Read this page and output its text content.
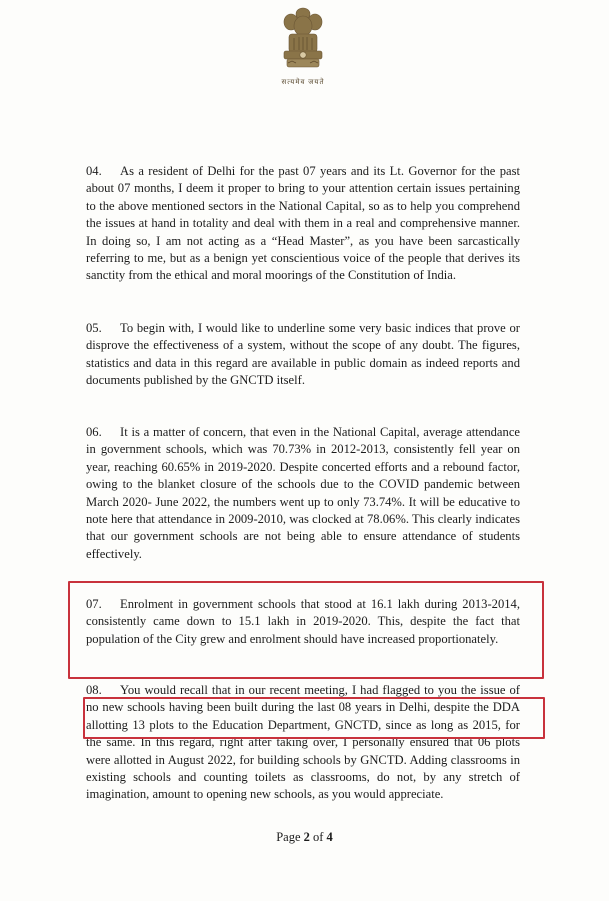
सत्यमेव जयते
04. As a resident of Delhi for the past 07 years and its Lt. Governor for the past about 07 months, I deem it proper to bring to your attention certain issues pertaining to the above mentioned sectors in the National Capital, so as to help you comprehend the issues at hand in totality and deal with them in a real and comprehensive manner. In doing so, I am not acting as a “Head Master”, as you have been sarcastically referring to me, but as a benign yet conscientious voice of the people that derives its sanctity from the ethical and moral moorings of the Constitution of India.
05. To begin with, I would like to underline some very basic indices that prove or disprove the effectiveness of a system, without the scope of any doubt. The figures, statistics and data in this regard are available in public domain as indeed reports and documents published by the GNCTD itself.
06. It is a matter of concern, that even in the National Capital, average attendance in government schools, which was 70.73% in 2012-2013, consistently fell year on year, reaching 60.65% in 2019-2020. Despite concerted efforts and a rebound factor, owing to the blanket closure of the schools due to the COVID pandemic between March 2020- June 2022, the numbers went up to only 73.74%. It will be educative to note here that attendance in 2009-2010, was clocked at 78.06%. This clearly indicates that our government schools are not being able to ensure attendance of students effectively.
07. Enrolment in government schools that stood at 16.1 lakh during 2013-2014, consistently came down to 15.1 lakh in 2019-2020. This, despite the fact that population of the City grew and enrolment should have increased proportionately.
08. You would recall that in our recent meeting, I had flagged to you the issue of no new schools having been built during the last 08 years in Delhi, despite the DDA allotting 13 plots to the Education Department, GNCTD, since as long as 2015, for the same. In this regard, right after taking over, I personally ensured that 06 plots were allotted in August 2022, for building schools by GNCTD. Adding classrooms in existing schools and counting toilets as classrooms, do not, by any stretch of imagination, amount to opening new schools, as you would appreciate.
Page 2 of 4
